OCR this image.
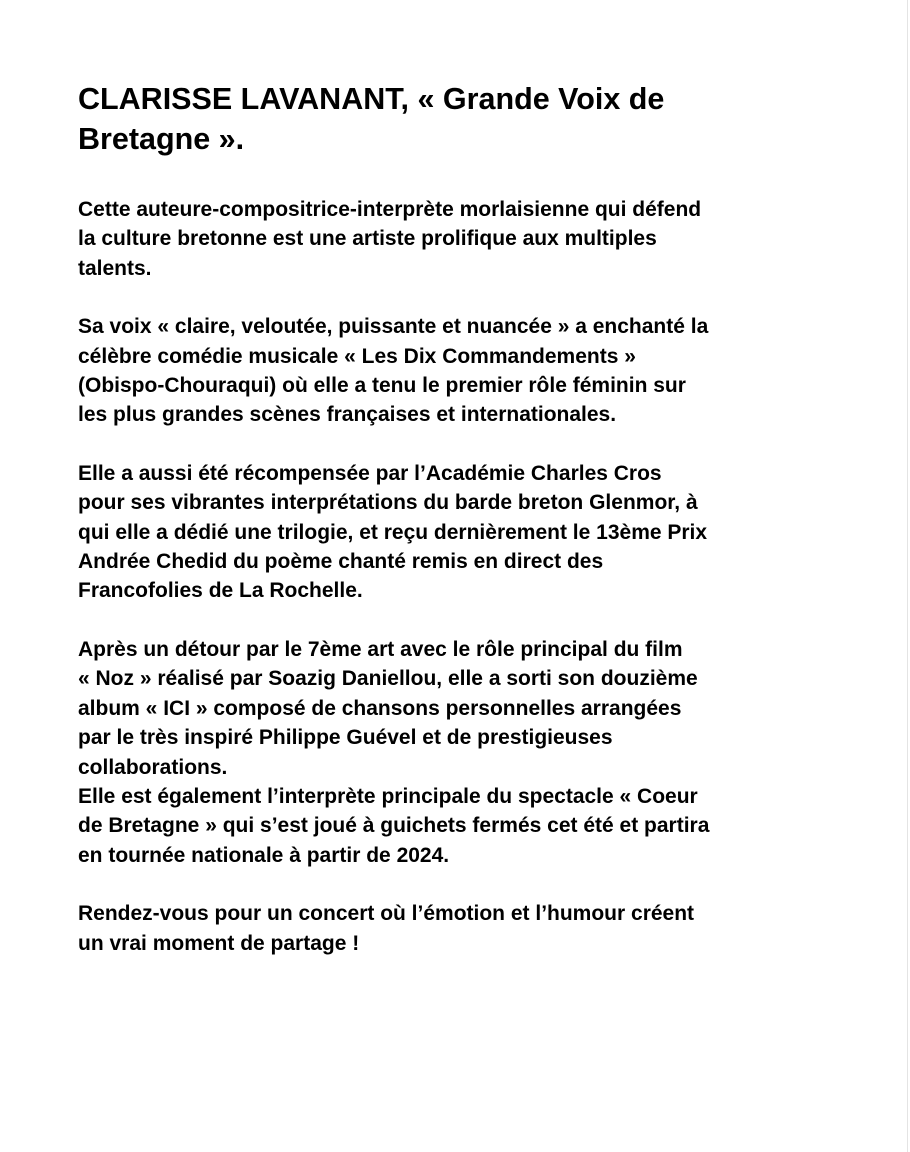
CLARISSE LAVANANT, « Grande Voix de
Bretagne ».

Cette auteure-compositrice-interprète morlaisienne qui défend
la culture bretonne est une artiste prolifique aux multiples
talents.

Sa voix « claire, veloutée, puissante et nuancée » a enchanté la
célèbre comédie musicale « Les Dix Commandements »
(Obispo-Chouraqui) où elle a tenu le premier rôle féminin sur
les plus grandes scènes françaises et internationales.

Elle a aussi été récompensée par l’Académie Charles Cros
pour ses vibrantes interprétations du barde breton Glenmor, à
qui elle a dédié une trilogie, et reçu dernièrement le 13ème Prix
Andrée Chedid du poème chanté remis en direct des
Francofolies de La Rochelle.

Après un détour par le 7ème art avec le rôle principal du film
« Noz » réalisé par Soazig Daniellou, elle a sorti son douzième
album « ICI » composé de chansons personnelles arrangées
par le très inspiré Philippe Guével et de prestigieuses
collaborations.

Elle est également l’interprète principale du spectacle « Coeur
de Bretagne » qui s’est joué à guichets fermés cet été et partira
en tournée nationale à partir de 2024.

Rendez-vous pour un concert où l’émotion et l’humour créent
un vrai moment de partage !
